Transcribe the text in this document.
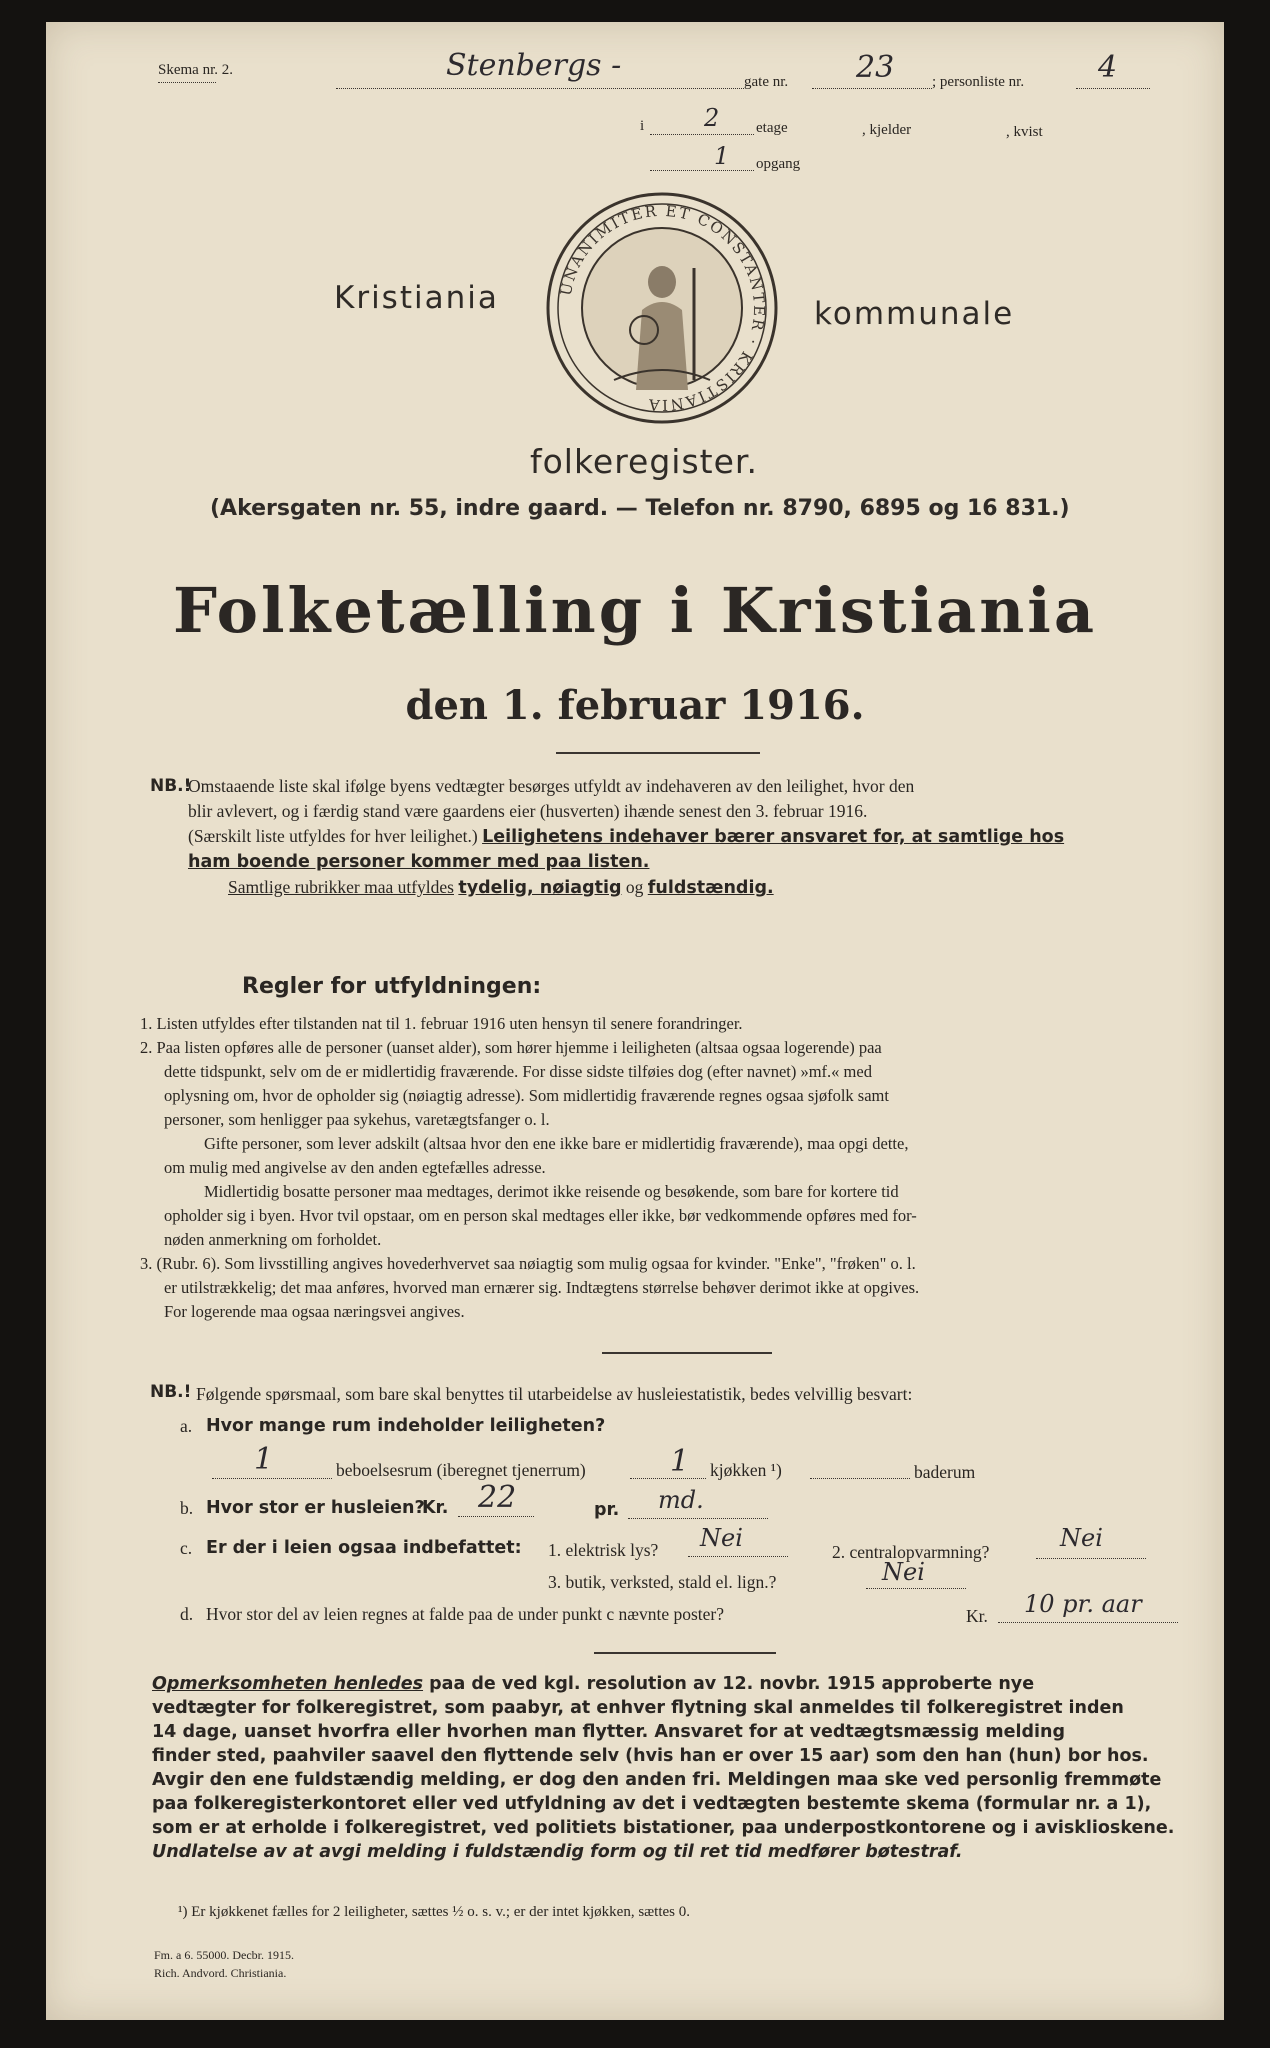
Skema nr. 2.	Stenbergs -	gate nr. 23	; personliste nr. 4
i 2 etage	, kjelder	, kvist
1 opgang
Kristiania	kommunale
UNANIMITER ET CONSTANTER · KRISTIANIA
folkeregister.
(Akersgaten nr. 55, indre gaard. — Telefon nr. 8790, 6895 og 16 831.)
Folketælling i Kristiania
den 1. februar 1916.
NB.!

Omstaaende liste skal ifølge byens vedtægter besørges utfyldt av indehaveren av den leilighet, hvor den

blir avlevert, og i færdig stand være gaardens eier (husverten) ihænde senest den 3. februar 1916.

(Særskilt liste utfyldes for hver leilighet.) Leilighetens indehaver bærer ansvaret for, at samtlige hos

ham boende personer kommer med paa listen.

Samtlige rubrikker maa utfyldes tydelig, nøiagtig og fuldstændig.

Regler for utfyldningen:

1. Listen utfyldes efter tilstanden nat til 1. februar 1916 uten hensyn til senere forandringer.

2. Paa listen opføres alle de personer (uanset alder), som hører hjemme i leiligheten (altsaa ogsaa logerende) paa

dette tidspunkt, selv om de er midlertidig fraværende. For disse sidste tilføies dog (efter navnet) »mf.« med

oplysning om, hvor de opholder sig (nøiagtig adresse). Som midlertidig fraværende regnes ogsaa sjøfolk samt

personer, som henligger paa sykehus, varetægtsfanger o. l.

Gifte personer, som lever adskilt (altsaa hvor den ene ikke bare er midlertidig fraværende), maa opgi dette,

om mulig med angivelse av den anden egtefælles adresse.

Midlertidig bosatte personer maa medtages, derimot ikke reisende og besøkende, som bare for kortere tid

opholder sig i byen. Hvor tvil opstaar, om en person skal medtages eller ikke, bør vedkommende opføres med for-

nøden anmerkning om forholdet.

3. (Rubr. 6). Som livsstilling angives hovederhvervet saa nøiagtig som mulig ogsaa for kvinder. "Enke", "frøken" o. l.

er utilstrækkelig; det maa anføres, hvorved man ernærer sig. Indtægtens størrelse behøver derimot ikke at opgives.

For logerende maa ogsaa næringsvei angives.

NB.! Følgende spørsmaal, som bare skal benyttes til utarbeidelse av husleiestatistik, bedes velvillig besvart:
a. Hvor mange rum indeholder leiligheten?
1	beboelsesrum (iberegnet tjenerrum)	1 kjøkken ¹)	baderum
b. Hvor stor er husleien?
Kr. 22	pr. md.
c. Er der i leien ogsaa indbefattet: 1. elektrisk lys? Nei	2. centralopvarmning?	Nei
3. butik, verksted, stald el. lign.?	Nei
d. Hvor stor del av leien regnes at falde paa de under punkt c nævnte poster?	Kr. 10 pr. aar

Opmerksomheten henledes paa de ved kgl. resolution av 12. novbr. 1915 approberte nye

vedtægter for folkeregistret, som paabyr, at enhver flytning skal anmeldes til folkeregistret inden

14 dage, uanset hvorfra eller hvorhen man flytter. Ansvaret for at vedtægtsmæssig melding

finder sted, paahviler saavel den flyttende selv (hvis han er over 15 aar) som den han (hun) bor hos.

Avgir den ene fuldstændig melding, er dog den anden fri. Meldingen maa ske ved personlig fremmøte

paa folkeregisterkontoret eller ved utfyldning av det i vedtægten bestemte skema (formular nr. a 1),

som er at erholde i folkeregistret, ved politiets bistationer, paa underpostkontorene og i avisklioskene.

Undlatelse av at avgi melding i fuldstændig form og til ret tid medfører bøtestraf.

¹) Er kjøkkenet fælles for 2 leiligheter, sættes ½ o. s. v.; er der intet kjøkken, sættes 0.

Fm. a 6. 55000. Decbr. 1915.

Rich. Andvord. Christiania.
